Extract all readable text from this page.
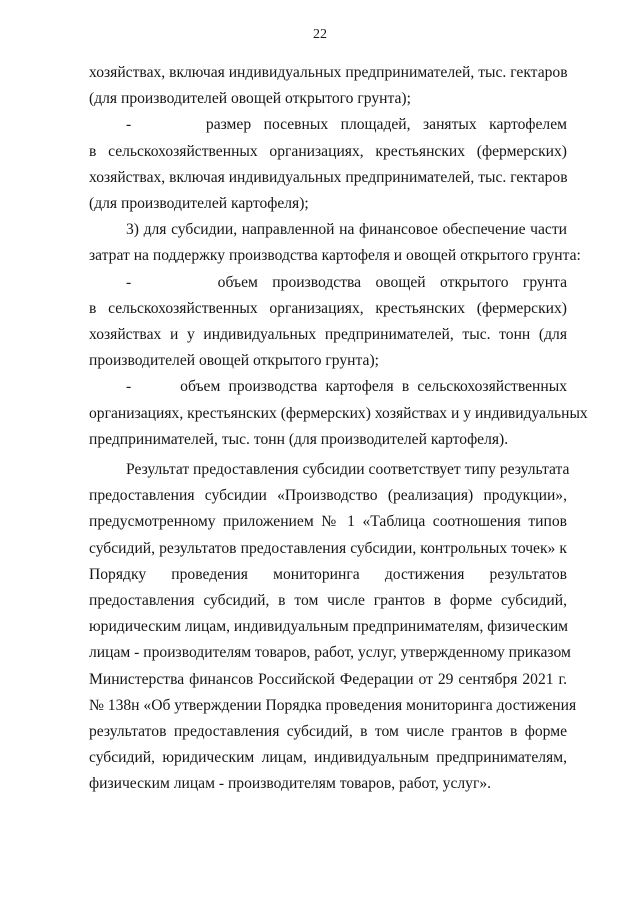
22
хозяйствах, включая индивидуальных предпринимателей, тыс. гектаров
(для производителей овощей открытого грунта);
-      размер посевных площадей, занятых картофелем
в сельскохозяйственных организациях, крестьянских (фермерских)
хозяйствах, включая индивидуальных предпринимателей, тыс. гектаров
(для производителей картофеля);
3) для субсидии, направленной на финансовое обеспечение части
затрат на поддержку производства картофеля и овощей открытого грунта:
-      объем производства овощей открытого грунта
в сельскохозяйственных организациях, крестьянских (фермерских)
хозяйствах и у индивидуальных предпринимателей, тыс. тонн (для
производителей овощей открытого грунта);
-      объем производства картофеля в сельскохозяйственных
организациях, крестьянских (фермерских) хозяйствах и у индивидуальных
предпринимателей, тыс. тонн (для производителей картофеля).
Результат предоставления субсидии соответствует типу результата
предоставления субсидии «Производство (реализация) продукции»,
предусмотренному приложением № 1 «Таблица соотношения типов
субсидий, результатов предоставления субсидии, контрольных точек» к
Порядку проведения мониторинга достижения результатов
предоставления субсидий, в том числе грантов в форме субсидий,
юридическим лицам, индивидуальным предпринимателям, физическим
лицам - производителям товаров, работ, услуг, утвержденному приказом
Министерства финансов Российской Федерации от 29 сентября 2021 г.
№ 138н «Об утверждении Порядка проведения мониторинга достижения
результатов предоставления субсидий, в том числе грантов в форме
субсидий, юридическим лицам, индивидуальным предпринимателям,
физическим лицам - производителям товаров, работ, услуг».
